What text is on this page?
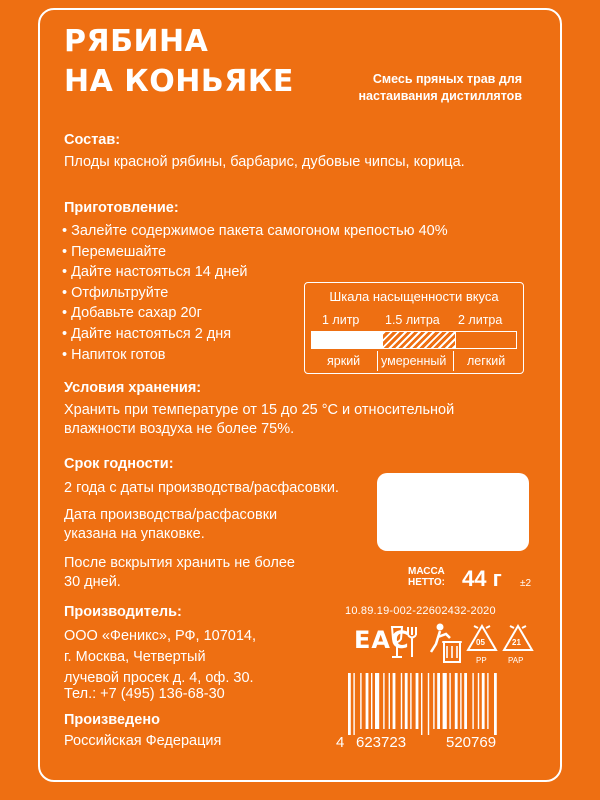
РЯБИНА
НА КОНЬЯКЕ	Смесь пряных трав для
настаивания дистиллятов
Состав:
Плоды красной рябины, барбарис, дубовые чипсы, корица.
Приготовление:
• Залейте содержимое пакета самогоном крепостью 40%
• Перемешайте
• Дайте настояться 14 дней
• Отфильтруйте
• Добавьте сахар 20г
• Дайте настояться 2 дня
• Напиток готов
Шкала насыщенности вкуса
1 литр 1.5 литра 2 литра
яркий умеренный легкий
Условия хранения:
Хранить при температуре от 15 до 25 °С и относительной
влажности воздуха не более 75%.
Срок годности:
2 года с даты производства/расфасовки.
Дата производства/расфасовки
указана на упаковке.
После вскрытия хранить не более
30 дней.
МАССА
НЕТТО: 44 г ±2
10.89.19-002-22602432-2020
EAC	05
PP
21
PAP
Производитель:
ООО «Феникс», РФ, 107014,
г. Москва, Четвертый
лучевой просек д. 4, оф. 30.
Тел.: +7 (495) 136-68-30
Произведено
Российская Федерация	4 623723	520769
